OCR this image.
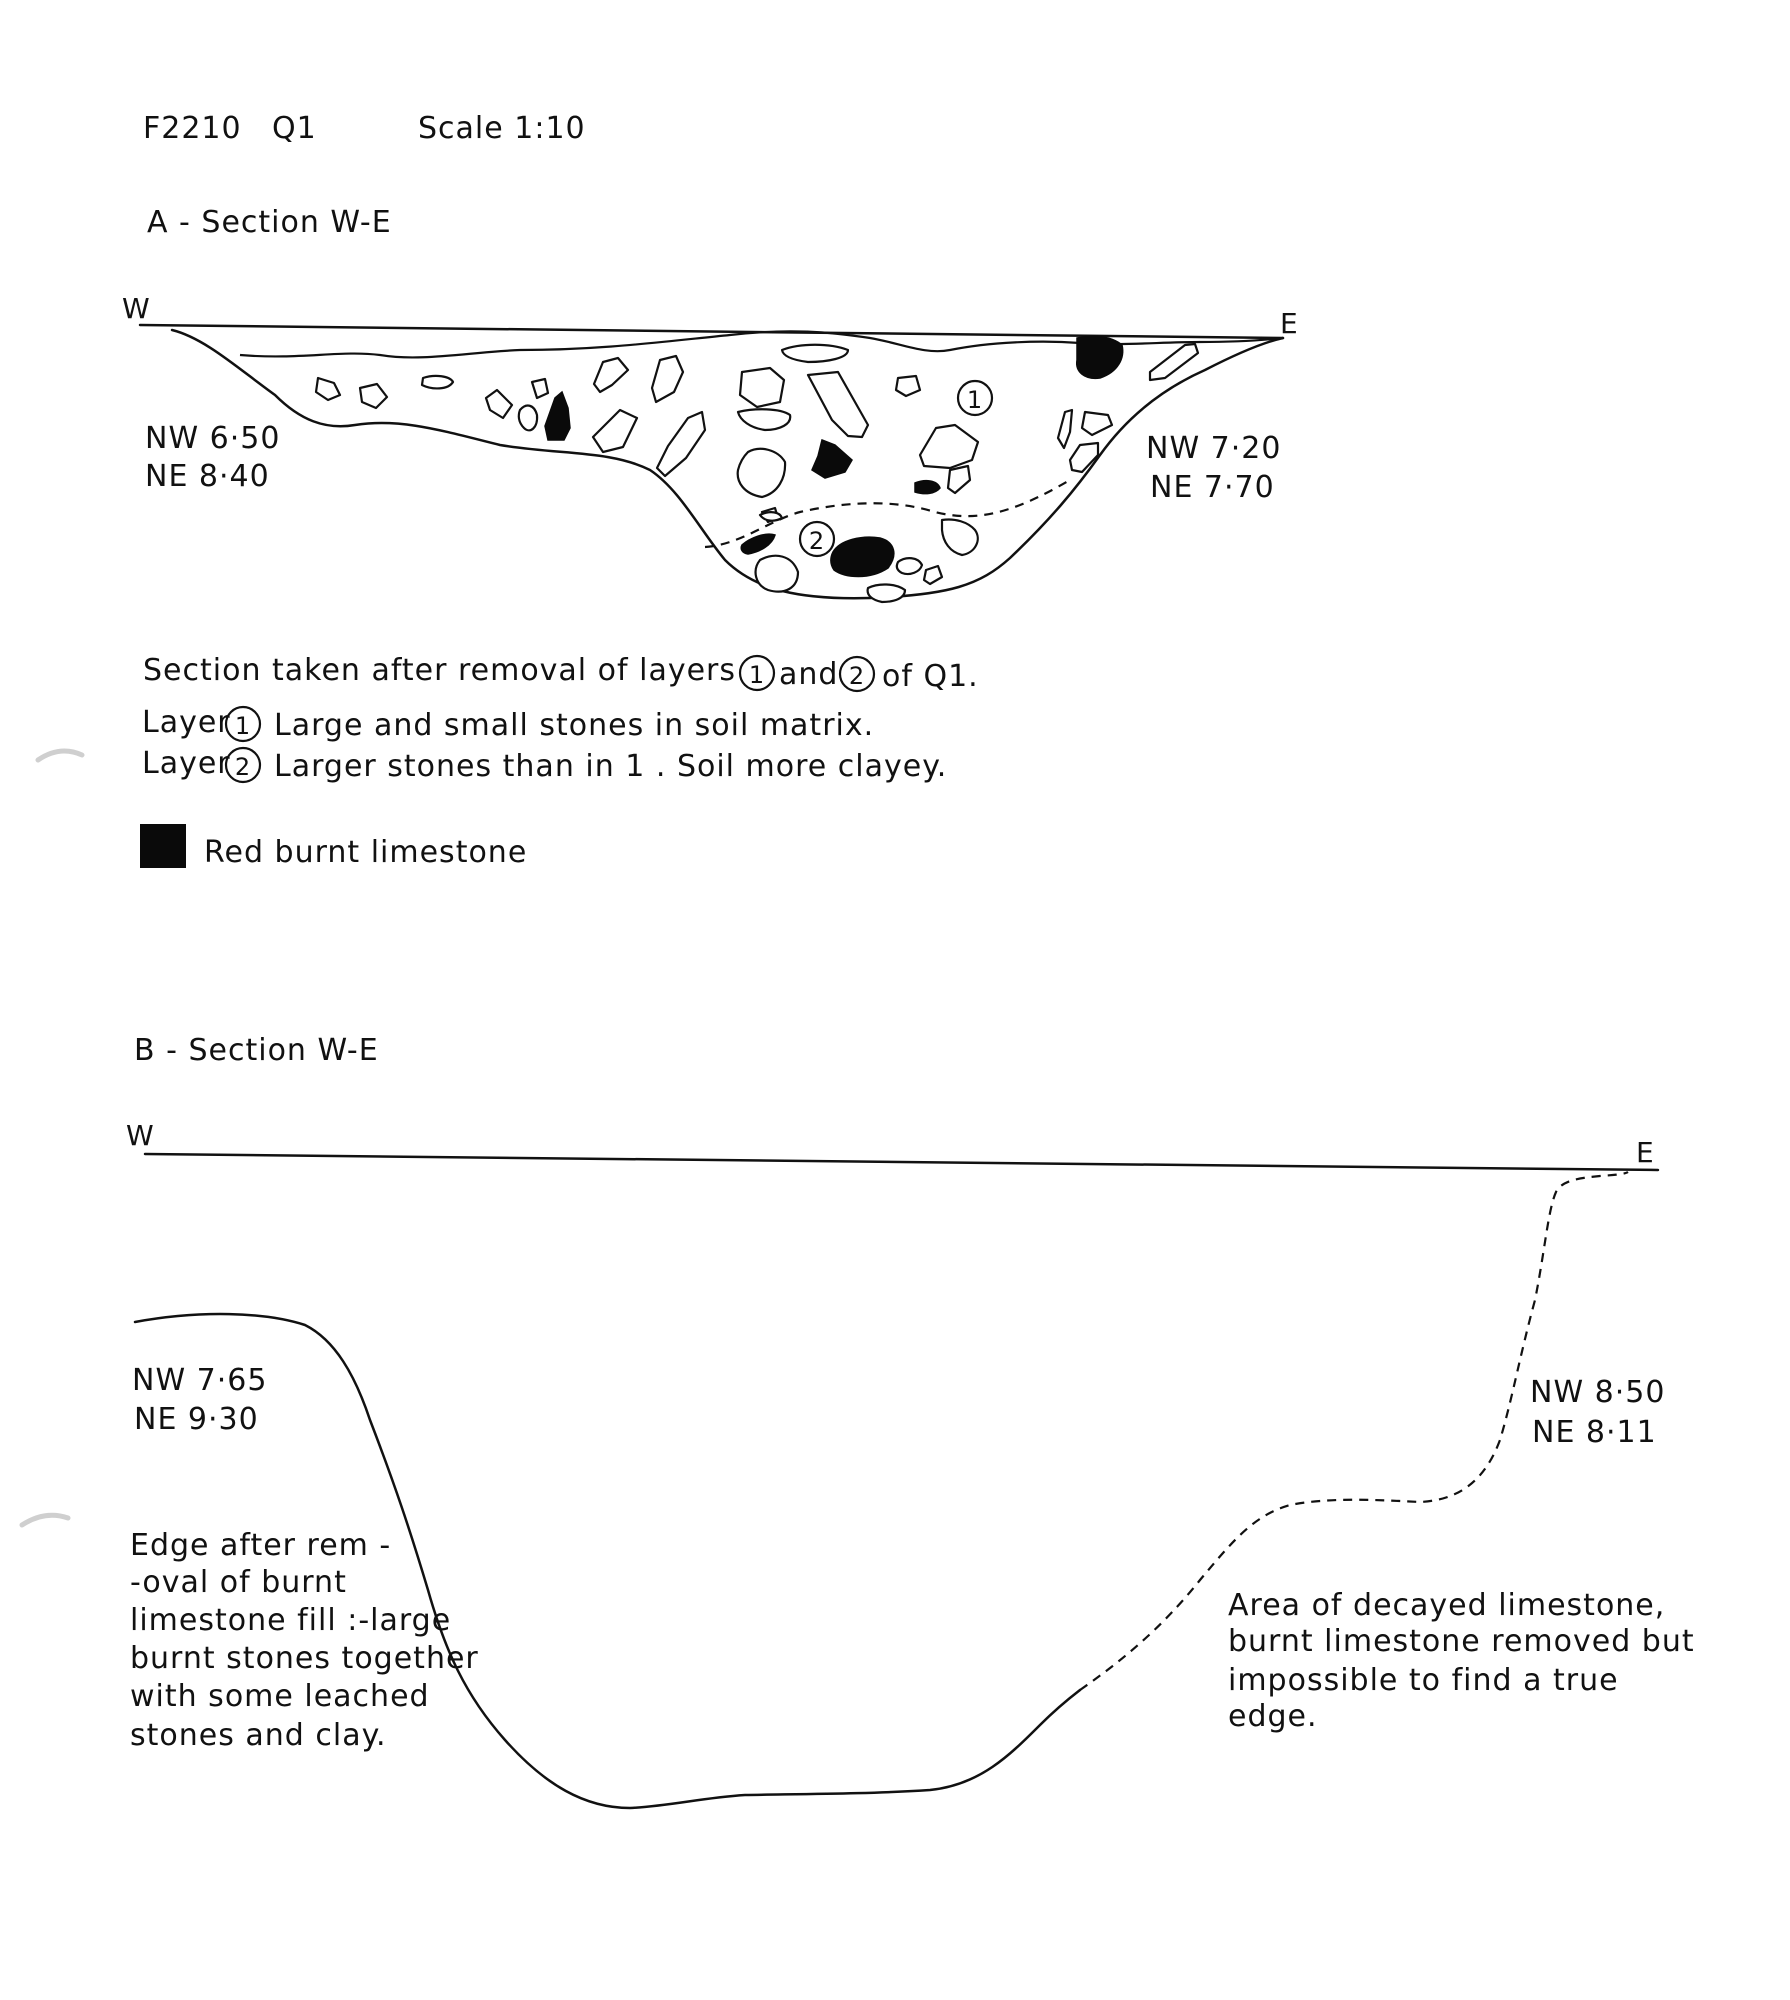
F2210 Q1	Scale 1:10
A - Section W-E
W	E
1
2
NW 6·50
NE 8·40
NW 7·20
NE 7·70
Section taken after removal of layers 1 and 2 of Q1.
Layer 1 Large and small stones in soil matrix.
Layer 2 Larger stones than in 1 . Soil more clayey.
Red burnt limestone
B - Section W-E
W
E
NW 7·65
NE 9·30
NW 8·50
NE 8·11
Edge after rem -
-oval of burnt
limestone fill :-large
burnt stones together
with some leached
stones and clay.
Area of decayed limestone,
burnt limestone removed but
impossible to find a true
edge.
